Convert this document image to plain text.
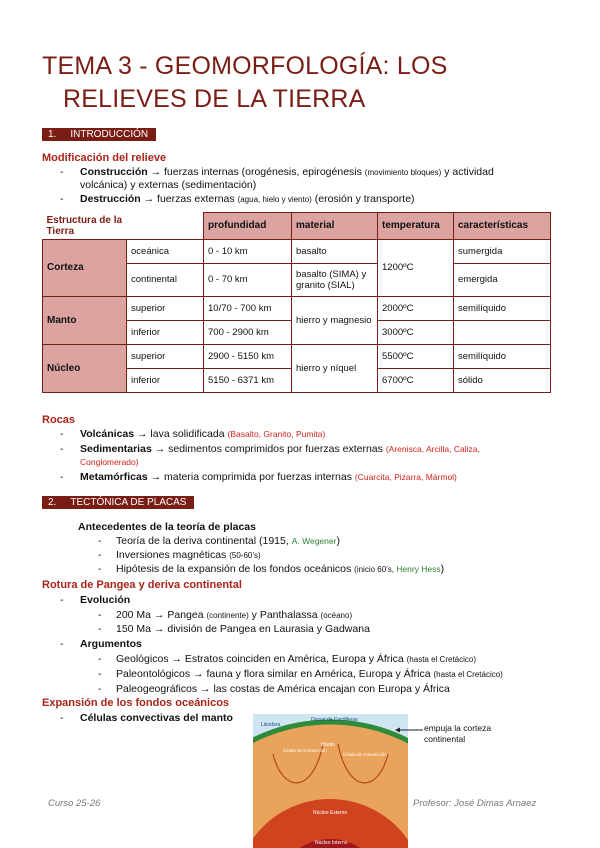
TEMA 3 - GEOMORFOLOGÍA: LOS
RELIEVES DE LA TIERRA
1. INTRODUCCIÓN
Modificación del relieve
-	Construcción → fuerzas internas (orogénesis, epirogénesis (movimiento bloques) y actividad volcánica) y externas (sedimentación)
-	Destrucción → fuerzas externas (agua, hielo y viento) (erosión y transporte)
Estructura de la Tierra		profundidad	material	temperatura	características
Corteza	oceánica	0 - 10 km	basalto	1200ºC	sumergida
	continental	0 - 70 km	basalto (SIMA) y granito (SIAL)		emergida
Manto	superior	10/70 - 700 km	hierro y magnesio	2000ºC	semilíquido
	inferior	700 - 2900 km		3000ºC	
Núcleo	superior	2900 - 5150 km	hierro y níquel	5500ºC	semilíquido
	inferior	5150 - 6371 km		6700ºC	sólido
Rocas
-	Volcánicas → lava solidificada (Basalto, Granito, Pumita)
-	Sedimentarias → sedimentos comprimidos por fuerzas externas (Arenisca, Arcilla, Caliza, Conglomerado)
-	Metamórficas → materia comprimida por fuerzas internas (Cuarcita, Pizarra, Mármol)
2. TECTÓNICA DE PLACAS
Antecedentes de la teoría de placas
-	Teoría de la deriva continental (1915, A. Wegener)
-	Inversiones magnéticas (50-60’s)
-	Hipótesis de la expansión de los fondos oceánicos (inicio 60’s, Henry Hess)
Rotura de Pangea y deriva continental
- Evolución
-	200 Ma → Pangea (continente) y Panthalassa (océano)
-	150 Ma → división de Pangea en Laurasia y Gadwana
- Argumentos
-	Geológicos → Estratos coinciden en América, Europa y África (hasta el Cretácico)
-	Paleontológicos → fauna y flora similar en América, Europa y África (hasta el Cretácico)
-	Paleogeográficos → las costas de América encajan con Europa y África
Expansión de los fondos oceánicos
- Células convectivas del manto
Litosfera
Dorsal de Cordilleras
Célula de Convección
Manto
Célula de Convección
Núcleo Externo
Núcleo Interno
empuja la corteza continental
Curso 25-26	Profesor: José Dimas Arnaez
